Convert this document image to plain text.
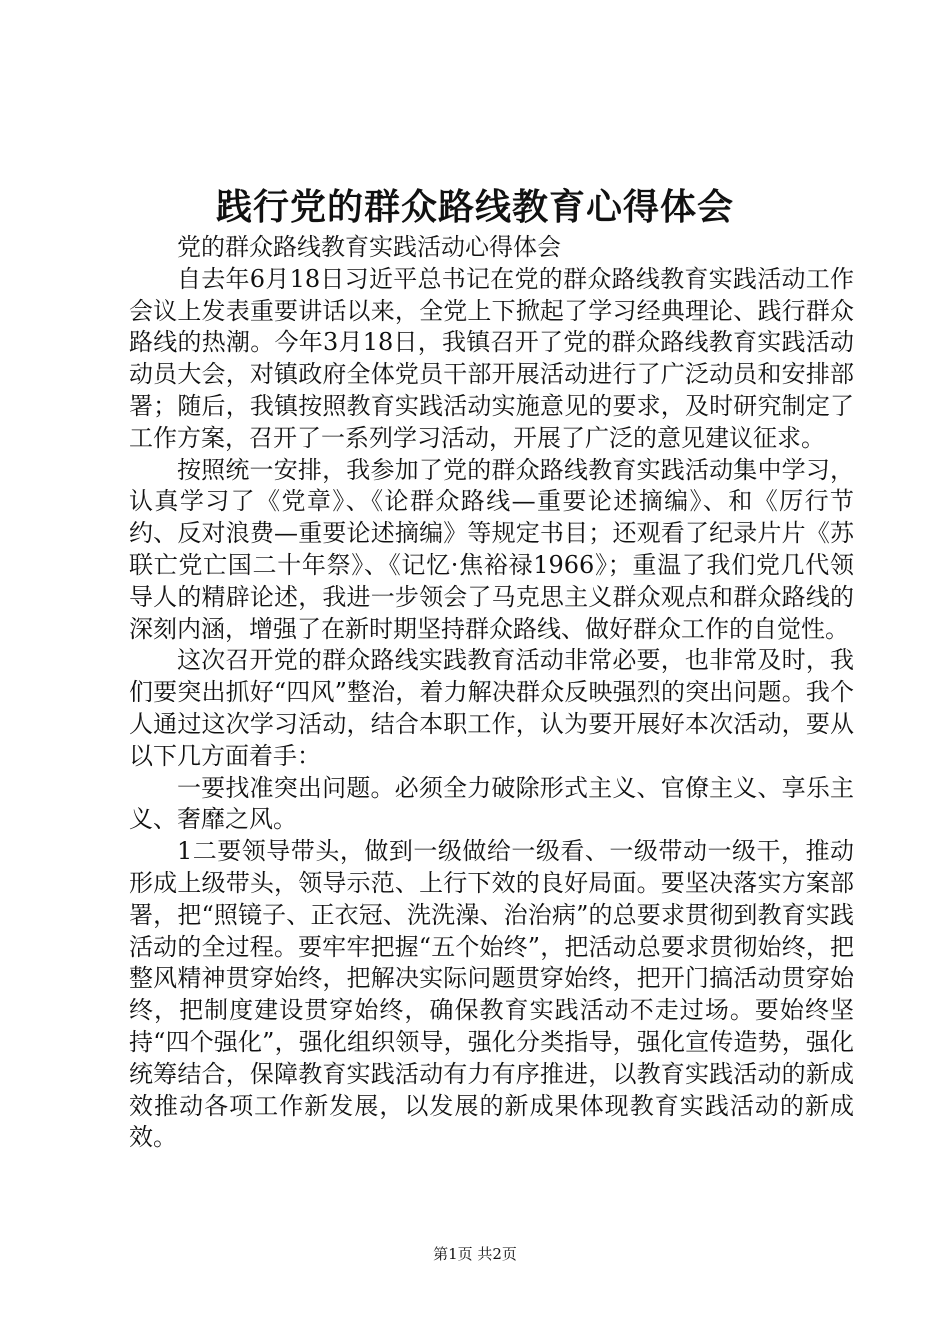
践行党的群众路线教育心得体会

党的群众路线教育实践活动心得体会

自去年6月18日习近平总书记在党的群众路线教育实践活动工作会议上发表重要讲话以来，全党上下掀起了学习经典理论、践行群众路线的热潮。今年3月18日，我镇召开了党的群众路线教育实践活动动员大会，对镇政府全体党员干部开展活动进行了广泛动员和安排部署；随后，我镇按照教育实践活动实施意见的要求，及时研究制定了工作方案，召开了一系列学习活动，开展了广泛的意见建议征求。

按照统一安排，我参加了党的群众路线教育实践活动集中学习，认真学习了《党章》、《论群众路线—重要论述摘编》、和《厉行节约、反对浪费—重要论述摘编》等规定书目；还观看了纪录片片《苏联亡党亡国二十年祭》、《记忆·焦裕禄1966》；重温了我们党几代领导人的精辟论述，我进一步领会了马克思主义群众观点和群众路线的深刻内涵，增强了在新时期坚持群众路线、做好群众工作的自觉性。

这次召开党的群众路线实践教育活动非常必要，也非常及时，我们要突出抓好“四风”整治，着力解决群众反映强烈的突出问题。我个人通过这次学习活动，结合本职工作，认为要开展好本次活动，要从以下几方面着手：

一要找准突出问题。必须全力破除形式主义、官僚主义、享乐主义、奢靡之风。

1二要领导带头，做到一级做给一级看、一级带动一级干，推动形成上级带头，领导示范、上行下效的良好局面。要坚决落实方案部署，把“照镜子、正衣冠、洗洗澡、治治病”的总要求贯彻到教育实践活动的全过程。要牢牢把握“五个始终”，把活动总要求贯彻始终，把整风精神贯穿始终，把解决实际问题贯穿始终，把开门搞活动贯穿始终，把制度建设贯穿始终，确保教育实践活动不走过场。要始终坚持“四个强化”，强化组织领导，强化分类指导，强化宣传造势，强化统筹结合，保障教育实践活动有力有序推进，以教育实践活动的新成效推动各项工作新发展，以发展的新成果体现教育实践活动的新成效。

第1页 共2页
